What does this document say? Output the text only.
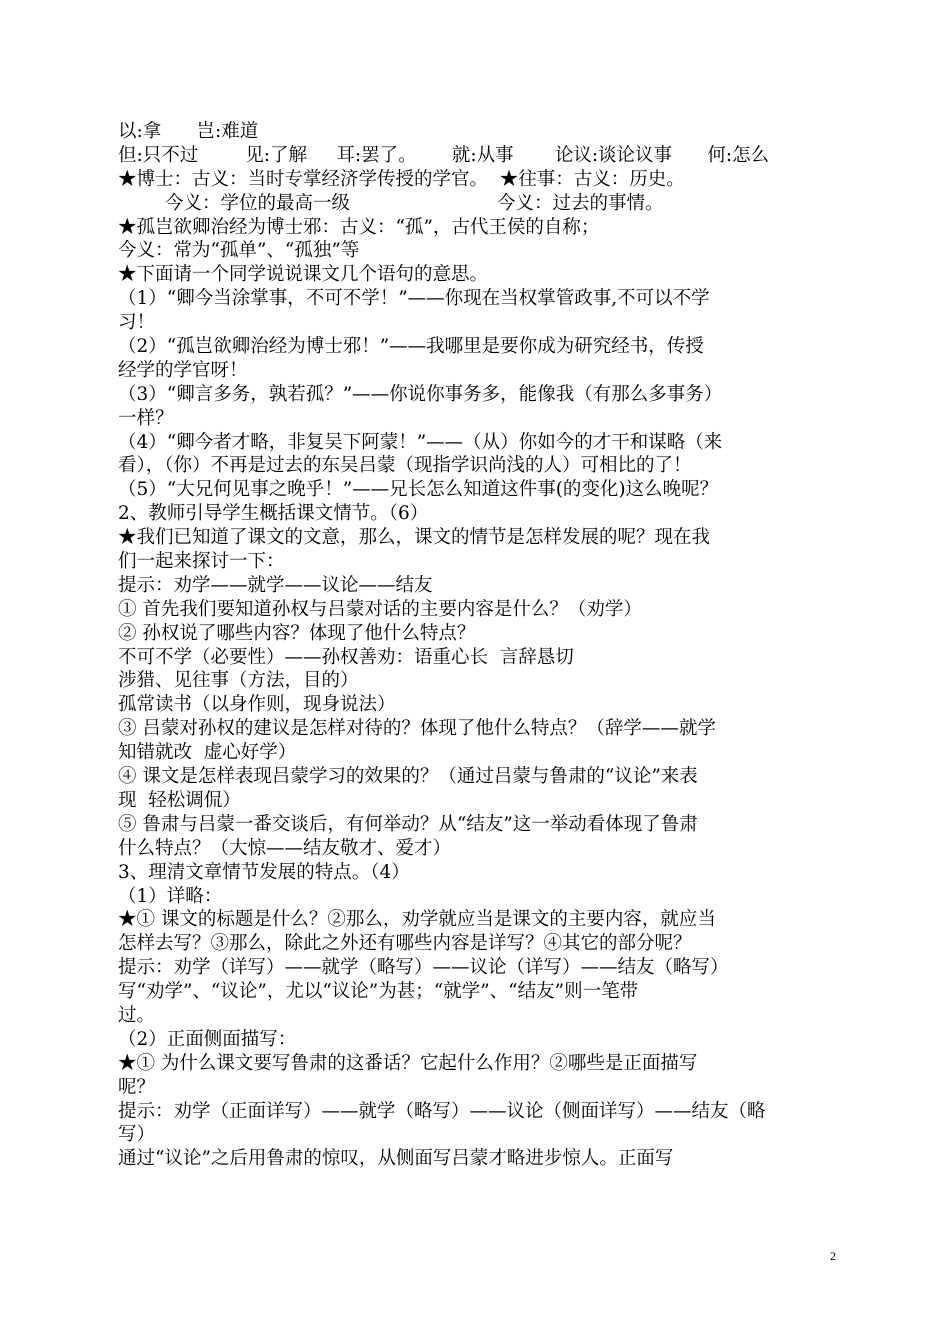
以:拿      岂:难道
但:只不过        见:了解     耳:罢了。      就:从事       论议:谈论议事      何:怎么
★博士：古义：当时专掌经济学传授的学官。  ★往事：古义：历史。
今义：学位的最高一级                         今义：过去的事情。
★孤岂欲卿治经为博士邪：古义：“孤”，古代王侯的自称；
今义：常为“孤单”、“孤独”等
★下面请一个同学说说课文几个语句的意思。
（1）“卿今当涂掌事，不可不学！”——你现在当权掌管政事,不可以不学
习！
（2）“孤岂欲卿治经为博士邪！”——我哪里是要你成为研究经书，传授
经学的学官呀！
（3）“卿言多务，孰若孤？”——你说你事务多，能像我（有那么多事务）
一样？
（4）“卿今者才略，非复吴下阿蒙！”——（从）你如今的才干和谋略（来
看），（你）不再是过去的东吴吕蒙（现指学识尚浅的人）可相比的了！
（5）“大兄何见事之晚乎！”——兄长怎么知道这件事(的变化)这么晚呢？
2、教师引导学生概括课文情节。（6）
★我们已知道了课文的文意，那么，课文的情节是怎样发展的呢？现在我
们一起来探讨一下：
提示：劝学——就学——议论——结友
① 首先我们要知道孙权与吕蒙对话的主要内容是什么？（劝学）
② 孙权说了哪些内容？体现了他什么特点？
不可不学（必要性）——孙权善劝：语重心长  言辞恳切
涉猎、见往事（方法，目的）
孤常读书（以身作则，现身说法）
③ 吕蒙对孙权的建议是怎样对待的？体现了他什么特点？（辞学——就学
知错就改  虚心好学）
④ 课文是怎样表现吕蒙学习的效果的？（通过吕蒙与鲁肃的“议论”来表
现  轻松调侃）
⑤ 鲁肃与吕蒙一番交谈后，有何举动？从“结友”这一举动看体现了鲁肃
什么特点？（大惊——结友敬才、爱才）
3、理清文章情节发展的特点。（4）
（1）详略：
★① 课文的标题是什么？②那么，劝学就应当是课文的主要内容，就应当
怎样去写？③那么，除此之外还有哪些内容是详写？④其它的部分呢？
提示：劝学（详写）——就学（略写）——议论（详写）——结友（略写）
写“劝学”、“议论”，尤以“议论”为甚；“就学”、“结友”则一笔带
过。
（2）正面侧面描写：
★① 为什么课文要写鲁肃的这番话？它起什么作用？②哪些是正面描写
呢？
提示：劝学（正面详写）——就学（略写）——议论（侧面详写）——结友（略
写）
通过“议论”之后用鲁肃的惊叹，从侧面写吕蒙才略进步惊人。正面写
2
